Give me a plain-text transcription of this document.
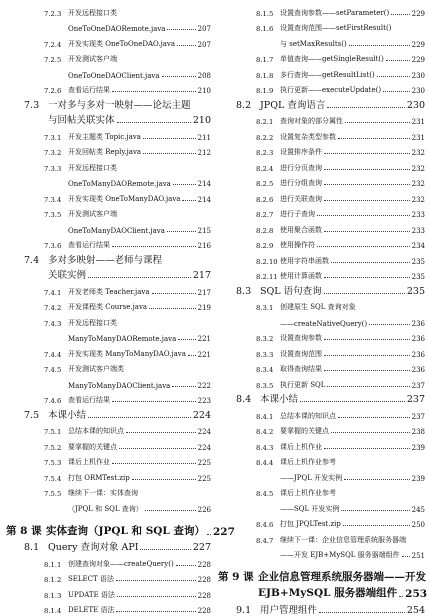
7.2.3 开发远程接口类
OneToOneDAORemote.java	207
7.2.4 开发实现类 OneToOneDAO.java	207
7.2.5 开发测试客户端
OneToOneDAOClient.java	208
7.2.6 查看运行结果	210
7.3 一对多与多对一映射——论坛主题
与回帖关联实体	210
7.3.1 开发主题类 Topic.java	211
7.3.2 开发回帖类 Reply.java	212
7.3.3 开发远程接口类
OneToManyDAORemote.java	214
7.3.4 开发实现类 OneToManyDAO.java 214
7.3.5 开发测试客户端
OneToManyDAOClient.java	215
7.3.6 查看运行结果	216
7.4 多对多映射——老师与课程
关联实例	217
7.4.1 开发老师类 Teacher.java	217
7.4.2 开发课程类 Course.java	219
7.4.3 开发远程接口类
ManyToManyDAORemote.java	221
7.4.4 开发实现类 ManyToManyDAO.java 221
7.4.5 开发测试客户端类
ManyToManyDAOClient.java	222
7.4.6 查看运行结果	223
7.5 本课小结	224
7.5.1 总结本课的知识点	224
7.5.2 要掌握的关键点	224
7.5.3 课后上机作业	225
7.5.4 打包 ORMTest.zip	225
7.5.5 继续下一课：实体查询
（JPQL 和 SQL 查询）	226
第 8 课 实体查询（JPQL 和 SQL 查询） 227
8.1 Query 查询对象 API	227
8.1.1 创建查询对象——createQuery()	228
8.1.2 SELECT 语法	228
8.1.3 UPDATE 语法	228
8.1.4 DELETE 语法	228
8.1.5 设置查询参数——setParameter()	229
8.1.6 设置查询范围——setFirstResult()
与 setMaxResults()	229
8.1.7 单值查询——getSingleResult()	229
8.1.8 多行查询——getResultList()	230
8.1.9 执行更新——executeUpdate()	230
8.2 JPQL 查询语言	230
8.2.1 查询对象的部分属性	231
8.2.2 设置复杂类型参数	231
8.2.3 设置排序条件	232
8.2.4 进行分页查询	232
8.2.5 进行分组查询	232
8.2.6 进行关联查询	232
8.2.7 进行子查询	233
8.2.8 使用聚合函数	233
8.2.9 使用操作符	234
8.2.10 使用字符串函数	235
8.2.11 使用计算函数	235
8.3 SQL 语句查询	235
8.3.1 创建原生 SQL 查询对象
——createNativeQuery()	236
8.3.2 设置查询参数	236
8.3.3 设置查询范围	236
8.3.4 取得查询结果	236
8.3.5 执行更新 SQL	237
8.4 本课小结	237
8.4.1 总结本课的知识点	237
8.4.2 要掌握的关键点	238
8.4.3 课后上机作业	239
8.4.4 课后上机作业参考
——JPQL 开发实例	239
8.4.5 课后上机作业参考
——SQL 开发实例	245
8.4.6 打包 JPQLTest.zip	250
8.4.7 继续下一课：企业信息管理系统服务器端
——开发 EJB+MySQL 服务器端组件 251
第 9 课 企业信息管理系统服务器端——开发
EJB+MySQL 服务器端组件 253
9.1 用户管理组件	254
